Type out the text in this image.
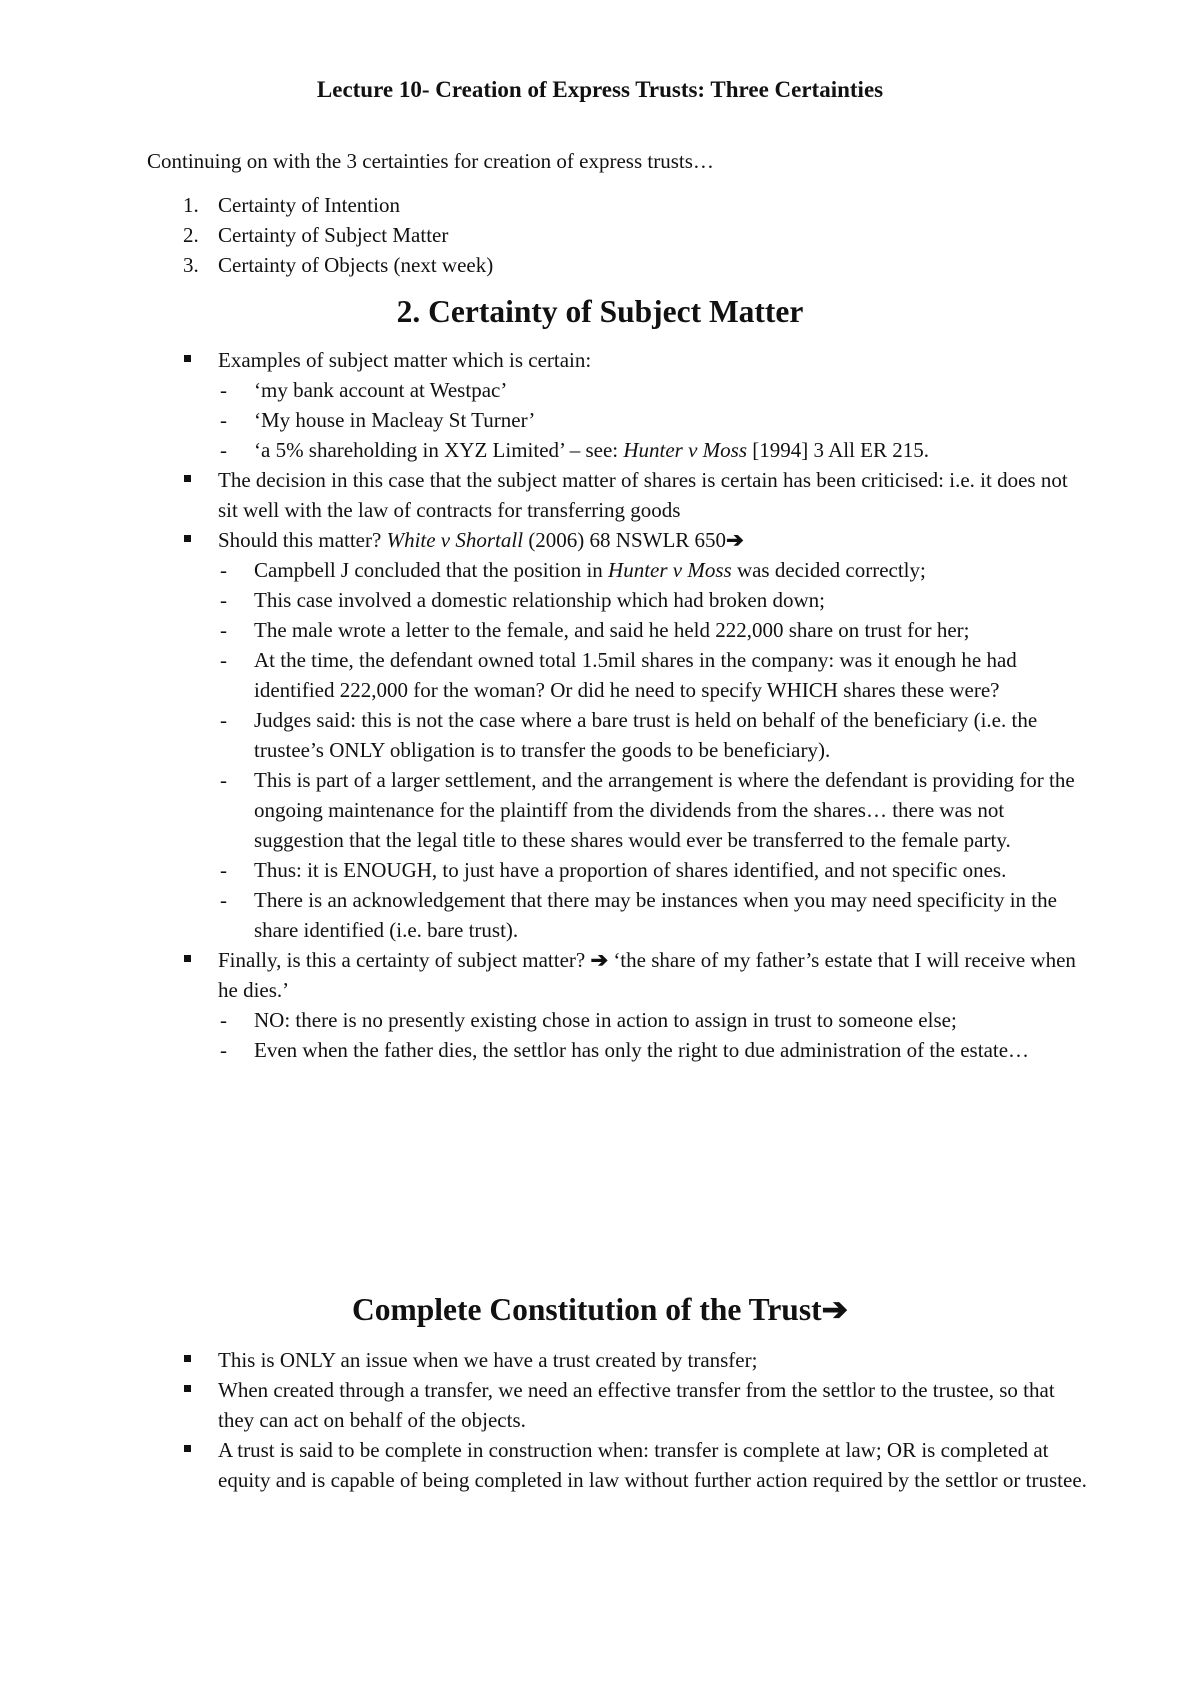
Lecture 10- Creation of Express Trusts: Three Certainties

Continuing on with the 3 certainties for creation of express trusts…

1. Certainty of Intention
2. Certainty of Subject Matter
3. Certainty of Objects (next week)
2. Certainty of Subject Matter
Examples of subject matter which is certain:
- ‘my bank account at Westpac’
- ‘My house in Macleay St Turner’
- ‘a 5% shareholding in XYZ Limited’ – see: Hunter v Moss [1994] 3 All ER 215.
The decision in this case that the subject matter of shares is certain has been criticised: i.e. it does not sit well with the law of contracts for transferring goods
Should this matter? White v Shortall (2006) 68 NSWLR 650➔
- Campbell J concluded that the position in Hunter v Moss was decided correctly;
- This case involved a domestic relationship which had broken down;
- The male wrote a letter to the female, and said he held 222,000 share on trust for her;
- At the time, the defendant owned total 1.5mil shares in the company: was it enough he had identified 222,000 for the woman? Or did he need to specify WHICH shares these were?
- Judges said: this is not the case where a bare trust is held on behalf of the beneficiary (i.e. the trustee’s ONLY obligation is to transfer the goods to be beneficiary).
- This is part of a larger settlement, and the arrangement is where the defendant is providing for the ongoing maintenance for the plaintiff from the dividends from the shares… there was not suggestion that the legal title to these shares would ever be transferred to the female party.
- Thus: it is ENOUGH, to just have a proportion of shares identified, and not specific ones.
- There is an acknowledgement that there may be instances when you may need specificity in the share identified (i.e. bare trust).
Finally, is this a certainty of subject matter? ➔ ‘the share of my father’s estate that I will receive when he dies.’
- NO: there is no presently existing chose in action to assign in trust to someone else;
- Even when the father dies, the settlor has only the right to due administration of the estate…
Complete Constitution of the Trust➔
This is ONLY an issue when we have a trust created by transfer;
When created through a transfer, we need an effective transfer from the settlor to the trustee, so that they can act on behalf of the objects.
A trust is said to be complete in construction when: transfer is complete at law; OR is completed at equity and is capable of being completed in law without further action required by the settlor or trustee.
